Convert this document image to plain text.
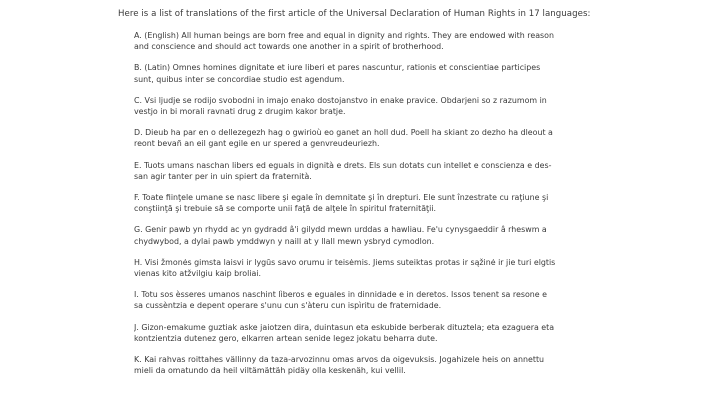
Here is a list of translations of the first article of the Universal Declaration of Human Rights in 17 languages:

A. (English) All human beings are born free and equal in dignity and rights. They are endowed with reason
and conscience and should act towards one another in a spirit of brotherhood.

B. (Latin) Omnes homines dignitate et iure liberi et pares nascuntur, rationis et conscientiae participes
sunt, quibus inter se concordiae studio est agendum.

C. Vsi ljudje se rodijo svobodni in imajo enako dostojanstvo in enake pravice. Obdarjeni so z razumom in
vestjo in bi morali ravnati drug z drugim kakor bratje.

D. Dieub ha par en o dellezegezh hag o gwirioù eo ganet an holl dud. Poell ha skiant zo dezho ha dleout a
reont bevañ an eil gant egile en ur spered a genvreudeuriezh.

E. Tuots umans naschan libers ed eguals in dignità e drets. Els sun dotats cun intellet e conscienza e des-
san agir tanter per in uin spiert da fraternità.

F. Toate fiinţele umane se nasc libere şi egale în demnitate şi în drepturi. Ele sunt înzestrate cu raţiune şi
conştiinţă şi trebuie să se comporte unii faţă de alţele în spiritul fraternităţii.

G. Genir pawb yn rhydd ac yn gydradd â'i gilydd mewn urddas a hawliau. Fe'u cynysgaeddir â rheswm a
chydwybod, a dylai pawb ymddwyn y naill at y llall mewn ysbryd cymodlon.

H. Visi žmonės gimsta laisvi ir lygūs savo orumu ir teisėmis. Jiems suteiktas protas ir sąžinė ir jie turi elgtis
vienas kito atžvilgiu kaip broliai.

I. Totu sos èsseres umanos naschint lìberos e eguales in dinnidade e in deretos. Issos tenent sa resone e
sa cussèntzia e depent operare s'unu cun s'àteru cun ispìritu de fraternidade.

J. Gizon-emakume guztiak aske jaiotzen dira, duintasun eta eskubide berberak dituztela; eta ezaguera eta
kontzientzia dutenez gero, elkarren artean senide legez jokatu beharra dute.

K. Kai rahvas roittahes vällinny da taza-arvozinnu omas arvos da oigevuksis. Jogahizele heis on annettu
mieli da omatundo da heil viltämättäh pidäy olla keskenäh, kui vellil.
